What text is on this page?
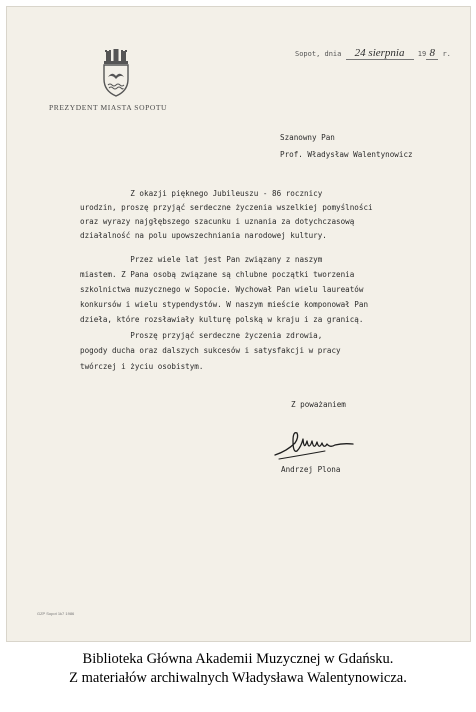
PREZYDENT MIASTA SOPOTU
Sopot, dnia 24 sierpnia 19 8 r.
Szanowny Pan
Prof. Władysław Walentynowicz
Z okazji pięknego Jubileuszu - 86 rocznicy
urodzin, proszę przyjąć serdeczne życzenia wszelkiej pomyślności
oraz wyrazy najgłębszego szacunku i uznania za dotychczasową
działalność na polu upowszechniania narodowej kultury.
Przez wiele lat jest Pan związany z naszym
miastem. Z Pana osobą związane są chlubne początki tworzenia
szkolnictwa muzycznego w Sopocie. Wychował Pan wielu laureatów
konkursów i wielu stypendystów. W naszym mieście komponował Pan
dzieła, które rozsławiały kulturę polską w kraju i za granicą.
Proszę przyjąć serdeczne życzenia zdrowia,
pogody ducha oraz dalszych sukcesów i satysfakcji w pracy
twórczej i życiu osobistym.
Z poważaniem
Andrzej Plona
GZP Sopot 1k7 1986
Biblioteka Główna Akademii Muzycznej w Gdańsku.
Z materiałów archiwalnych Władysława Walentynowicza.
